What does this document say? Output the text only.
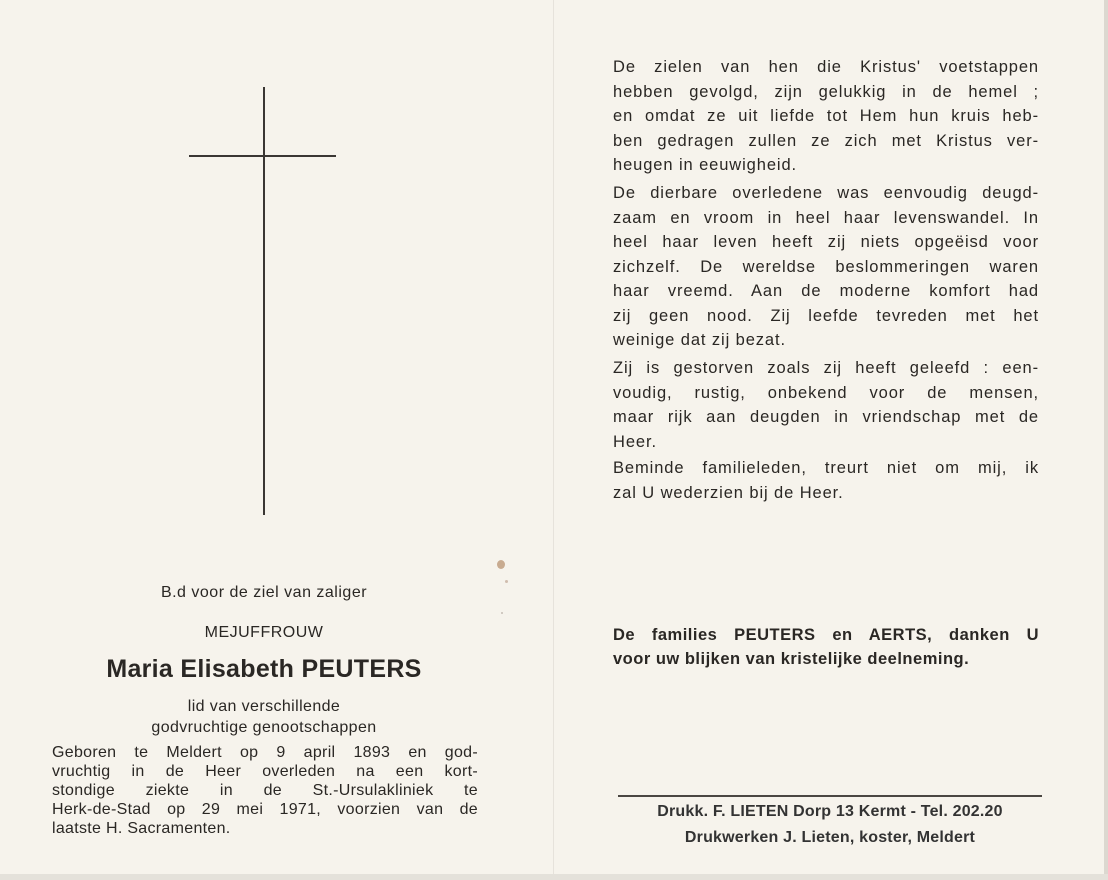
B.d voor de ziel van zaliger
MEJUFFROUW
Maria Elisabeth PEUTERS
lid van verschillende
godvruchtige genootschappen
Geboren te Meldert op 9 april 1893 en god-
vruchtig in de Heer overleden na een kort-
stondige ziekte in de St.-Ursulakliniek te
Herk-de-Stad op 29 mei 1971, voorzien van de
laatste H. Sacramenten.
De zielen van hen die Kristus' voetstappen
hebben gevolgd, zijn gelukkig in de hemel ;
en omdat ze uit liefde tot Hem hun kruis heb-
ben gedragen zullen ze zich met Kristus ver-
heugen in eeuwigheid.
De dierbare overledene was eenvoudig deugd-
zaam en vroom in heel haar levenswandel. In
heel haar leven heeft zij niets opgeëisd voor
zichzelf. De wereldse beslommeringen waren
haar vreemd. Aan de moderne komfort had
zij geen nood. Zij leefde tevreden met het
weinige dat zij bezat.
Zij is gestorven zoals zij heeft geleefd : een-
voudig, rustig, onbekend voor de mensen,
maar rijk aan deugden in vriendschap met de
Heer.
Beminde familieleden, treurt niet om mij, ik
zal U wederzien bij de Heer.
De families PEUTERS en AERTS, danken U
voor uw blijken van kristelijke deelneming.
Drukk. F. LIETEN Dorp 13 Kermt - Tel. 202.20
Drukwerken J. Lieten, koster, Meldert
